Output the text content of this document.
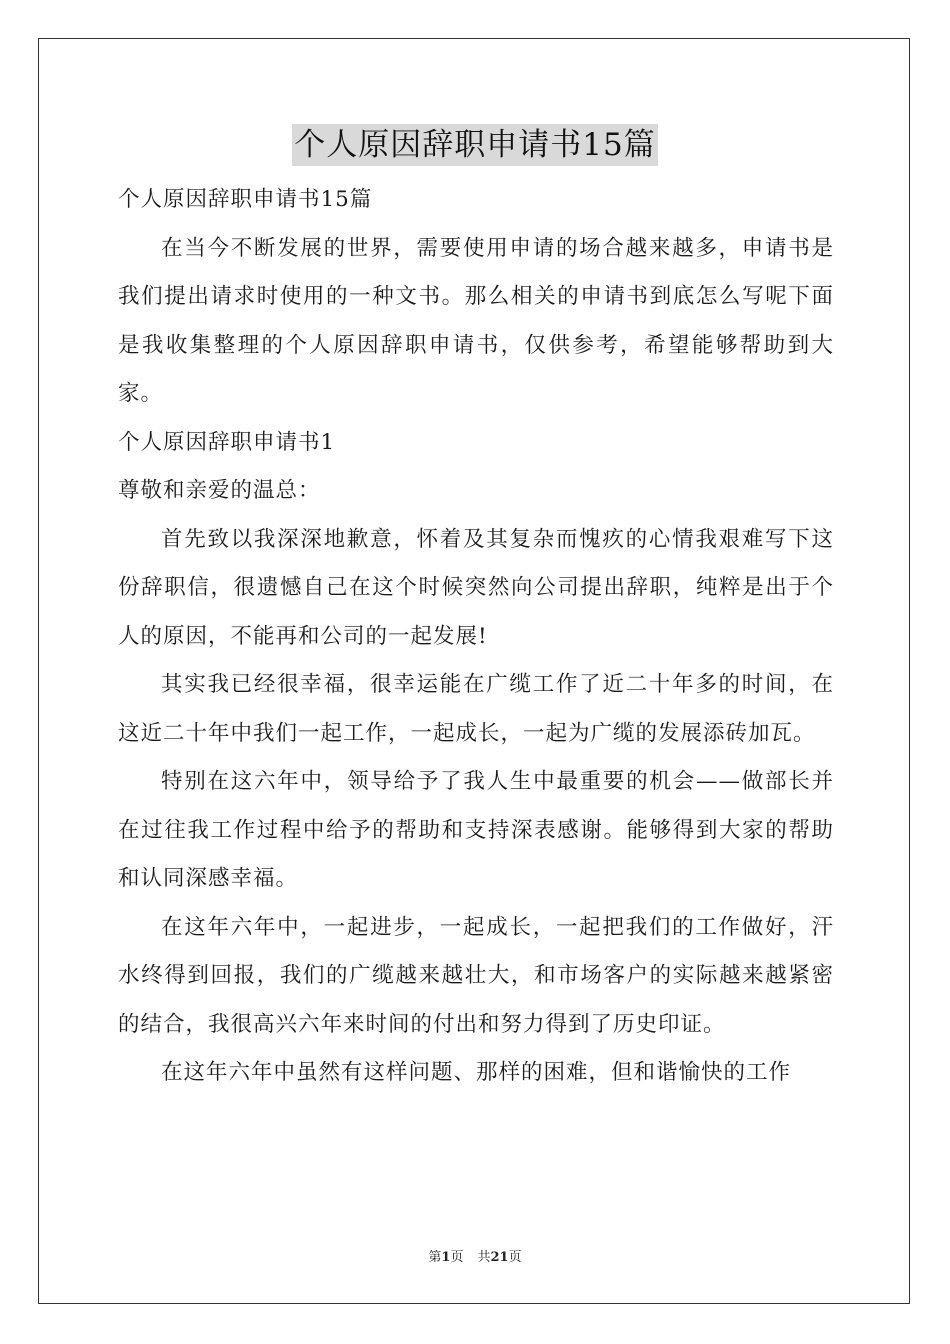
个人原因辞职申请书15篇

个人原因辞职申请书15篇

在当今不断发展的世界，需要使用申请的场合越来越多，申请书是我们提出请求时使用的一种文书。那么相关的申请书到底怎么写呢下面是我收集整理的个人原因辞职申请书，仅供参考，希望能够帮助到大家。

个人原因辞职申请书1

尊敬和亲爱的温总：

首先致以我深深地歉意，怀着及其复杂而愧疚的心情我艰难写下这份辞职信，很遗憾自己在这个时候突然向公司提出辞职，纯粹是出于个人的原因，不能再和公司的一起发展!

其实我已经很幸福，很幸运能在广缆工作了近二十年多的时间，在这近二十年中我们一起工作，一起成长，一起为广缆的发展添砖加瓦。

特别在这六年中，领导给予了我人生中最重要的机会——做部长并在过往我工作过程中给予的帮助和支持深表感谢。能够得到大家的帮助和认同深感幸福。

在这年六年中，一起进步，一起成长，一起把我们的工作做好，汗水终得到回报，我们的广缆越来越壮大，和市场客户的实际越来越紧密的结合，我很高兴六年来时间的付出和努力得到了历史印证。

在这年六年中虽然有这样问题、那样的困难，但和谐愉快的工作

第1页 共21页
